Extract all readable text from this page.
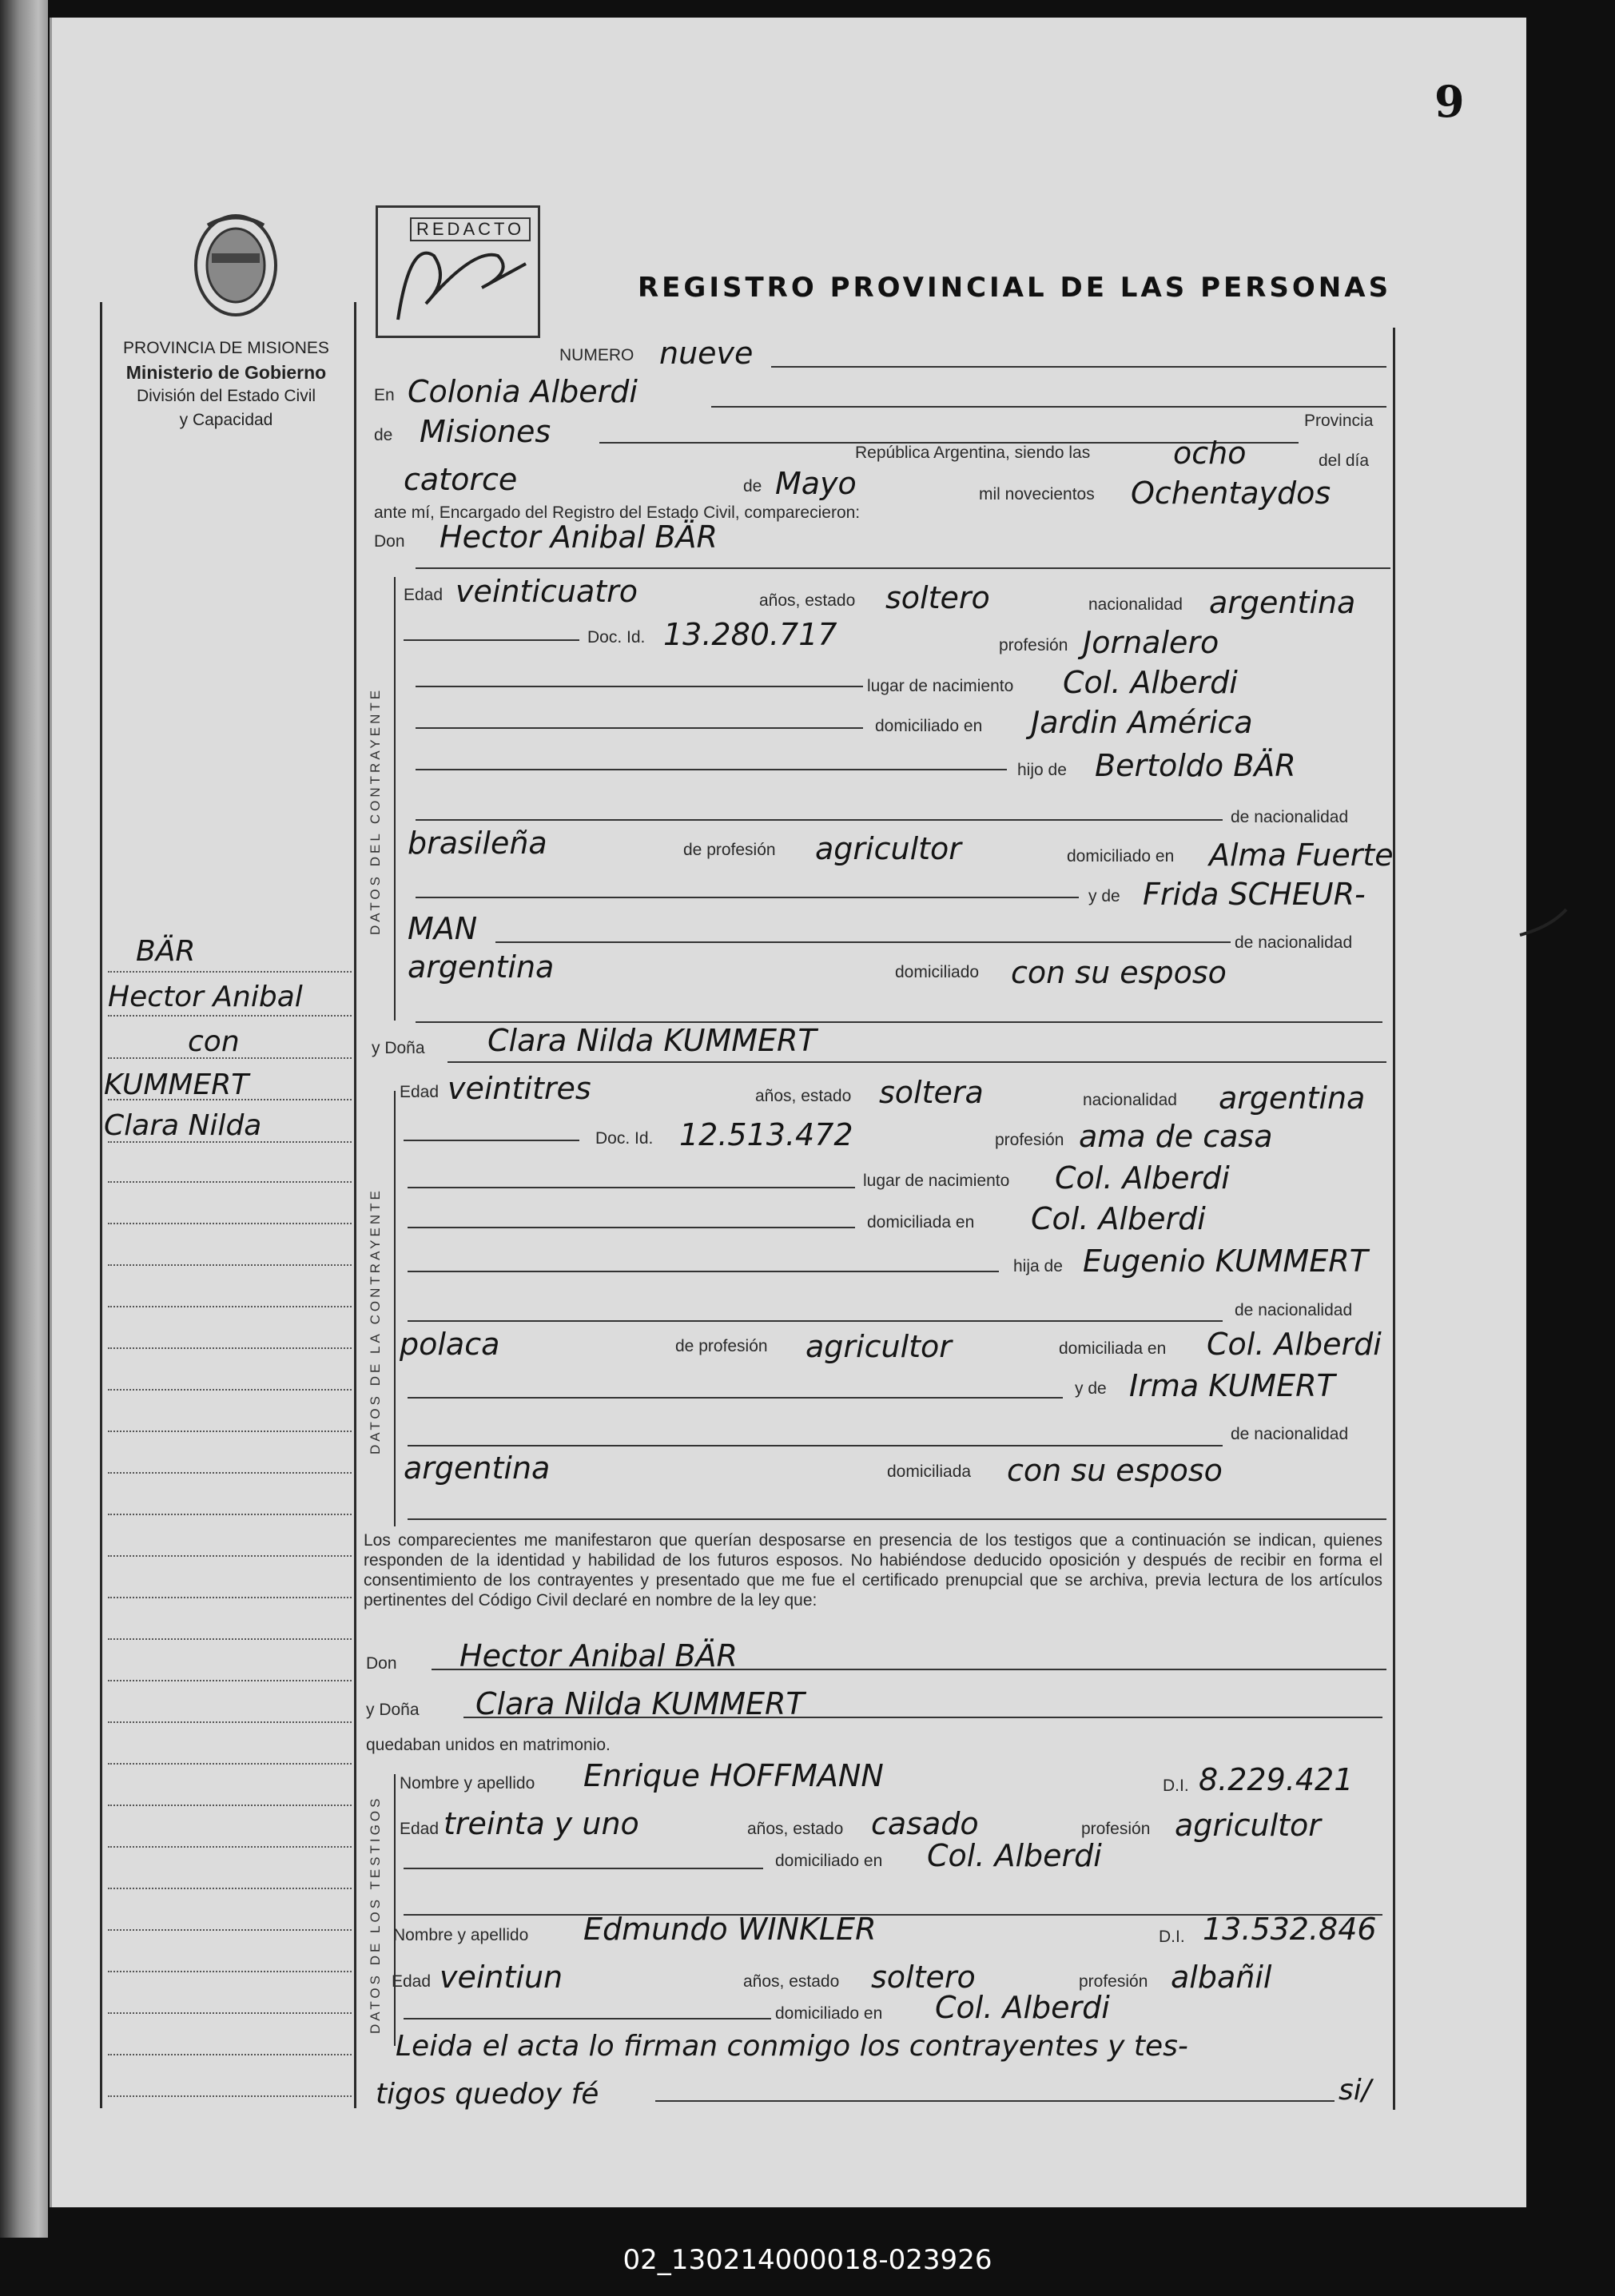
9
REDACTO
REGISTRO PROVINCIAL DE LAS PERSONAS
PROVINCIA DE MISIONES
Ministerio de Gobierno
División del Estado Civil
y Capacidad
BÄR
Hector Anibal
con
KUMMERT
Clara Nilda
NUMERO nueve
En Colonia Alberdi
de Misiones	Provincia
República Argentina, siendo las	ocho	del día
catorce	de Mayo	mil novecientos Ochentaydos
ante mí, Encargado del Registro del Estado Civil, comparecieron:
Don Hector Anibal BÄR
DATOS DEL CONTRAYENTE
Edad veinticuatro	años, estado soltero	nacionalidad argentina
Doc. Id. 13.280.717	profesión Jornalero
lugar de nacimiento Col. Alberdi
domiciliado en Jardin América
hijo de Bertoldo BÄR
de nacionalidad
brasileña	de profesión agricultor	domiciliado en Alma Fuerte
y de Frida SCHEUR-
MAN	de nacionalidad
argentina	domiciliado con su esposo
y Doña Clara Nilda KUMMERT
DATOS DE LA CONTRAYENTE
Edad veintitres	años, estado soltera	nacionalidad argentina
Doc. Id. 12.513.472	profesión ama de casa
lugar de nacimiento Col. Alberdi
domiciliada en Col. Alberdi
hija de Eugenio KUMMERT
de nacionalidad
polaca	de profesión agricultor	domiciliada en Col. Alberdi
y de Irma KUMERT
de nacionalidad
argentina	domiciliada con su esposo
Los comparecientes me manifestaron que querían desposarse en presencia de los testigos que a continuación se indican, quienes responden de la identidad y habilidad de los futuros esposos. No habiéndose deducido oposición y después de recibir en forma el consentimiento de los contrayentes y presentado que me fue el certificado prenupcial que se archiva, previa lectura de los artículos pertinentes del Código Civil declaré en nombre de la ley que:
Don Hector Anibal BÄR
y Doña Clara Nilda KUMMERT
quedaban unidos en matrimonio.
DATOS DE LOS TESTIGOS
Nombre y apellido Enrique HOFFMANN	D.I. 8.229.421
Edad treinta y uno	años, estado casado	profesión agricultor
domiciliado en Col. Alberdi
Nombre y apellido Edmundo WINKLER	D.I. 13.532.846
Edad veintiun	años, estado soltero	profesión albañil
domiciliado en Col. Alberdi
Leida el acta lo firman conmigo los contrayentes y tes-
tigos quedoy fé	si/
02_130214000018-023926
